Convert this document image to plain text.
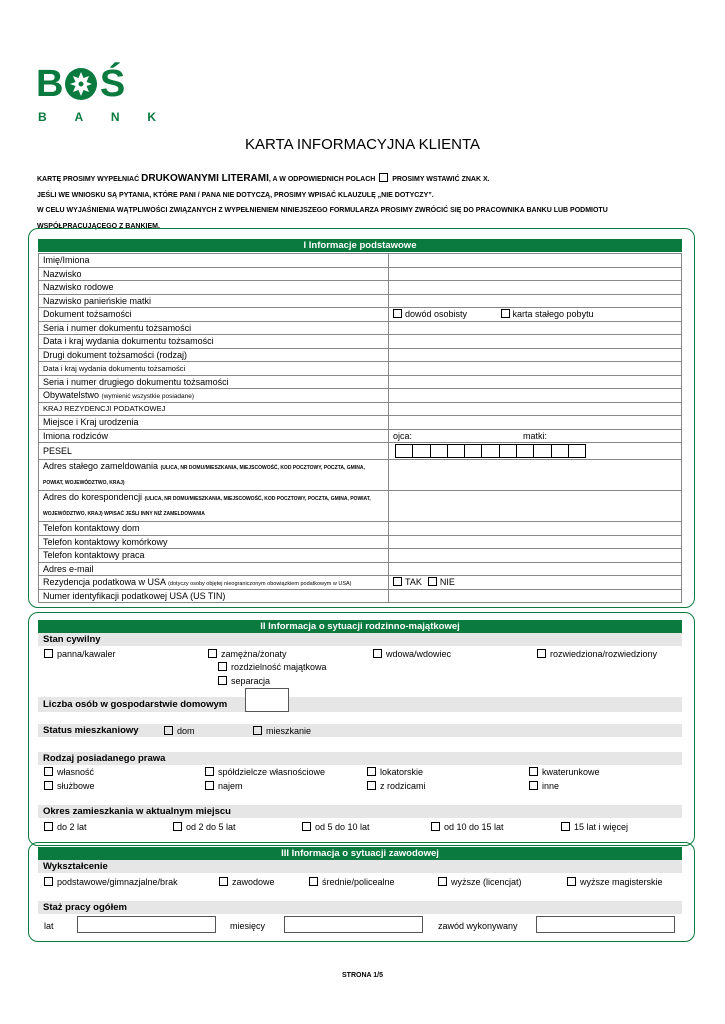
B Ś
B A N K
KARTA INFORMACYJNA KLIENTA
KARTĘ PROSIMY WYPEŁNIAĆ DRUKOWANYMI LITERAMI, A W ODPOWIEDNICH POLACH  PROSIMY WSTAWIĆ ZNAK X.
JEŚLI WE WNIOSKU SĄ PYTANIA, KTÓRE PANI / PANA NIE DOTYCZĄ, PROSIMY WPISAĆ KLAUZULĘ „NIE DOTYCZY”.
W CELU WYJAŚNIENIA WĄTPLIWOŚCI ZWIĄZANYCH Z WYPEŁNIENIEM NINIEJSZEGO FORMULARZA PROSIMY ZWRÓCIĆ SIĘ DO PRACOWNIKA BANKU LUB PODMIOTU WSPÓŁPRACUJĄCEGO Z BANKIEM.
I Informacje podstawowe
Imię/Imiona	
Nazwisko	
Nazwisko rodowe	
Nazwisko panieńskie matki	
Dokument tożsamości	dowód osobisty karta stałego pobytu
Seria i numer dokumentu tożsamości	
Data i kraj wydania dokumentu tożsamości	
Drugi dokument tożsamości (rodzaj)	
Data i kraj wydania dokumentu tożsamości	
Seria i numer drugiego dokumentu tożsamości	
Obywatelstwo (wymienić wszystkie posiadane)	
KRAJ REZYDENCJI PODATKOWEJ	
Miejsce i Kraj urodzenia	
Imiona rodziców	ojca: matki:
PESEL	

Adres stałego zameldowania (ULICA, NR DOMU/MIESZKANIA, MIEJSCOWOŚĆ, KOD POCZTOWY, POCZTA, GMINA, POWIAT, WOJEWÓDZTWO, KRAJ)	
Adres do korespondencji (ULICA, NR DOMU/MIESZKANIA, MIEJSCOWOŚĆ, KOD POCZTOWY, POCZTA, GMINA, POWIAT, WOJEWÓDZTWO, KRAJ) WPISAĆ JEŚLI INNY NIŻ ZAMELDOWANIA	
Telefon kontaktowy dom	
Telefon kontaktowy komórkowy	
Telefon kontaktowy praca	
Adres e-mail	
Rezydencja podatkowa w USA (dotyczy osoby objętej nieograniczonym obowiązkiem podatkowym w USA)	TAK NIE
Numer identyfikacji podatkowej USA (US TIN)	
II Informacja o sytuacji rodzinno-majątkowej
Stan cywilny
panna/kawaler	zamężna/żonaty
rozdzielność majątkowa
separacja
wdowa/wdowiec	rozwiedziona/rozwiedziony
Liczba osób w gospodarstwie domowym
Status mieszkaniowy	dom	mieszkanie
Rodzaj posiadanego prawa
własność	spółdzielcze własnościowe	lokatorskie	kwaterunkowe
służbowe	najem	z rodzicami	inne
Okres zamieszkania w aktualnym miejscu
do 2 lat	od 2 do 5 lat	od 5 do 10 lat	od 10 do 15 lat	15 lat i więcej
III Informacja o sytuacji zawodowej
Wykształcenie
podstawowe/gimnazjalne/brak	zawodowe	średnie/policealne	wyższe (licencjat)	wyższe magisterskie
Staż pracy ogółem
lat	miesięcy	zawód wykonywany
STRONA 1/5
